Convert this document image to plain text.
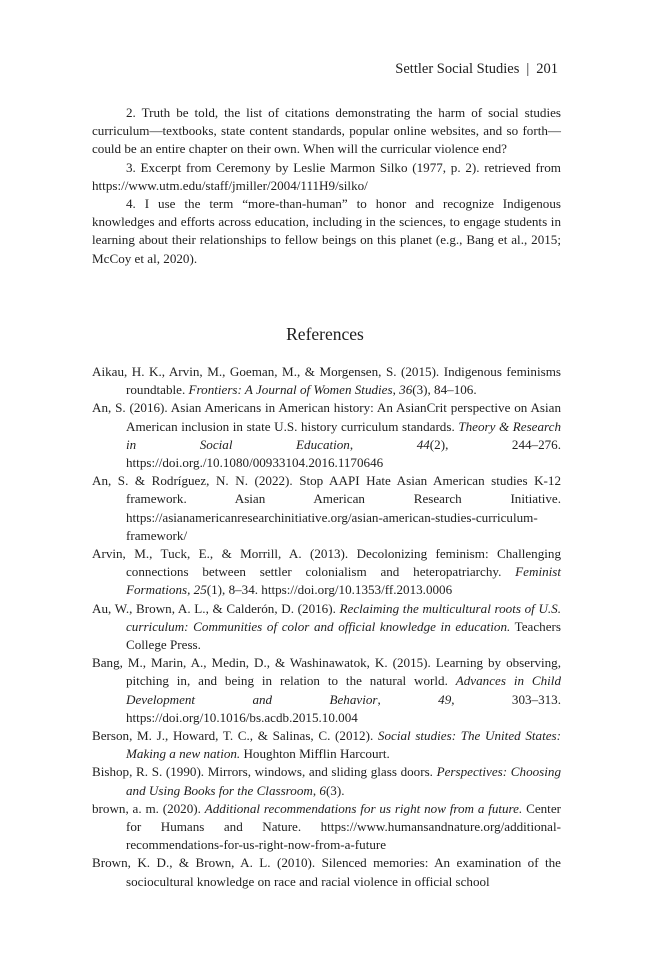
Settler Social Studies | 201

2. Truth be told, the list of citations demonstrating the harm of social studies curriculum—textbooks, state content standards, popular online websites, and so forth—could be an entire chapter on their own. When will the curricular violence end?

3. Excerpt from Ceremony by Leslie Marmon Silko (1977, p. 2). retrieved from https://www.utm.edu/staff/jmiller/2004/111H9/silko/

4. I use the term “more-than-human” to honor and recognize Indigenous knowledges and efforts across education, including in the sciences, to engage students in learning about their relationships to fellow beings on this planet (e.g., Bang et al., 2015; McCoy et al, 2020).

References

Aikau, H. K., Arvin, M., Goeman, M., & Morgensen, S. (2015). Indigenous feminisms roundtable. Frontiers: A Journal of Women Studies, 36(3), 84–106.

An, S. (2016). Asian Americans in American history: An AsianCrit perspective on Asian American inclusion in state U.S. history curriculum standards. Theory & Research in Social Education, 44(2), 244–276. https://doi.org./10.1080/00933104.2016.1170646

An, S. & Rodríguez, N. N. (2022). Stop AAPI Hate Asian American studies K-12 framework. Asian American Research Initiative. https://asianamericanresearchinitiative.org/asian-american-studies-curriculum-framework/

Arvin, M., Tuck, E., & Morrill, A. (2013). Decolonizing feminism: Challenging connections between settler colonialism and heteropatriarchy. Feminist Formations, 25(1), 8–34. https://doi.org/10.1353/ff.2013.0006

Au, W., Brown, A. L., & Calderón, D. (2016). Reclaiming the multicultural roots of U.S. curriculum: Communities of color and official knowledge in education. Teachers College Press.

Bang, M., Marin, A., Medin, D., & Washinawatok, K. (2015). Learning by observing, pitching in, and being in relation to the natural world. Advances in Child Development and Behavior, 49, 303–313. https://doi.org/10.1016/bs.acdb.2015.10.004

Berson, M. J., Howard, T. C., & Salinas, C. (2012). Social studies: The United States: Making a new nation. Houghton Mifflin Harcourt.

Bishop, R. S. (1990). Mirrors, windows, and sliding glass doors. Perspectives: Choosing and Using Books for the Classroom, 6(3).

brown, a. m. (2020). Additional recommendations for us right now from a future. Center for Humans and Nature. https://www.humansandnature.org/additional-recommendations-for-us-right-now-from-a-future

Brown, K. D., & Brown, A. L. (2010). Silenced memories: An examination of the sociocultural knowledge on race and racial violence in official school
